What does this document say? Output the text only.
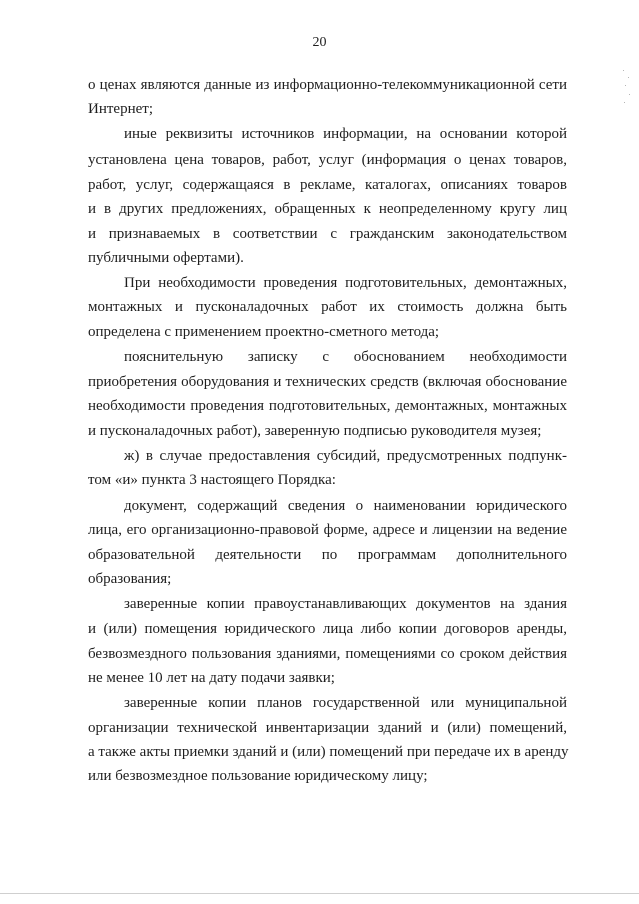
20
о ценах являются данные из информационно-телекоммуникационной сети
Интернет;
иные реквизиты источников информации, на основании которой
установлена цена товаров, работ, услуг (информация о ценах товаров,
работ, услуг, содержащаяся в рекламе, каталогах, описаниях товаров
и в других предложениях, обращенных к неопределенному кругу лиц
и признаваемых в соответствии с гражданским законодательством
публичными офертами).
При необходимости проведения подготовительных, демонтажных,
монтажных и пусконаладочных работ их стоимость должна быть
определена с применением проектно-сметного метода;
пояснительную записку с обоснованием необходимости
приобретения оборудования и технических средств (включая обоснование
необходимости проведения подготовительных, демонтажных, монтажных
и пусконаладочных работ), заверенную подписью руководителя музея;
ж) в случае предоставления субсидий, предусмотренных подпунк-
том «и» пункта 3 настоящего Порядка:
документ, содержащий сведения о наименовании юридического
лица, его организационно-правовой форме, адресе и лицензии на ведение
образовательной деятельности по программам дополнительного
образования;
заверенные копии правоустанавливающих документов на здания
и (или) помещения юридического лица либо копии договоров аренды,
безвозмездного пользования зданиями, помещениями со сроком действия
не менее 10 лет на дату подачи заявки;
заверенные копии планов государственной или муниципальной
организации технической инвентаризации зданий и (или) помещений,
а также акты приемки зданий и (или) помещений при передаче их в аренду
или безвозмездное пользование юридическому лицу;
